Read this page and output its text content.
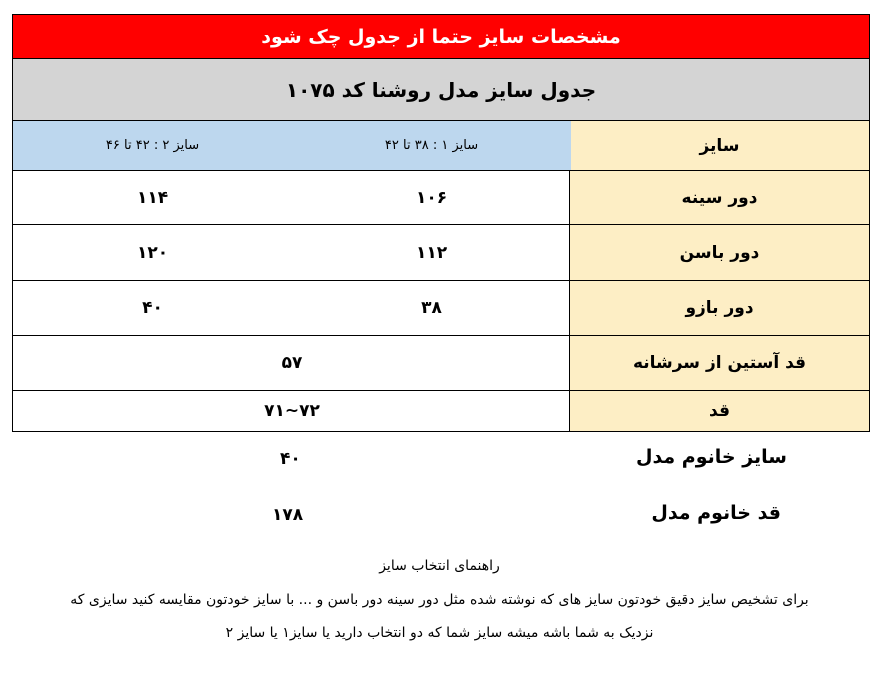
مشخصات سایز حتما از جدول چک شود
جدول سایز مدل روشنا کد ۱۰۷۵
سایز
سایز ۱ : ۳۸ تا ۴۲
سایز ۲ : ۴۲ تا ۴۶
دور سینه
۱۰۶
۱۱۴
دور باسن
۱۱۲
۱۲۰
دور بازو
۳۸
۴۰
قد آستین از سرشانه
۵۷
قد
۷۲~۷۱
سایز خانوم مدل
۴۰
قد خانوم مدل
۱۷۸
راهنمای انتخاب سایز
برای تشخیص سایز دقیق خودتون سایز های که نوشته شده مثل دور سینه دور باسن و ... با سایز خودتون مقایسه کنید سایزی که
نزدیک به شما باشه میشه سایز شما که دو انتخاب دارید یا سایز۱ یا سایز ۲
